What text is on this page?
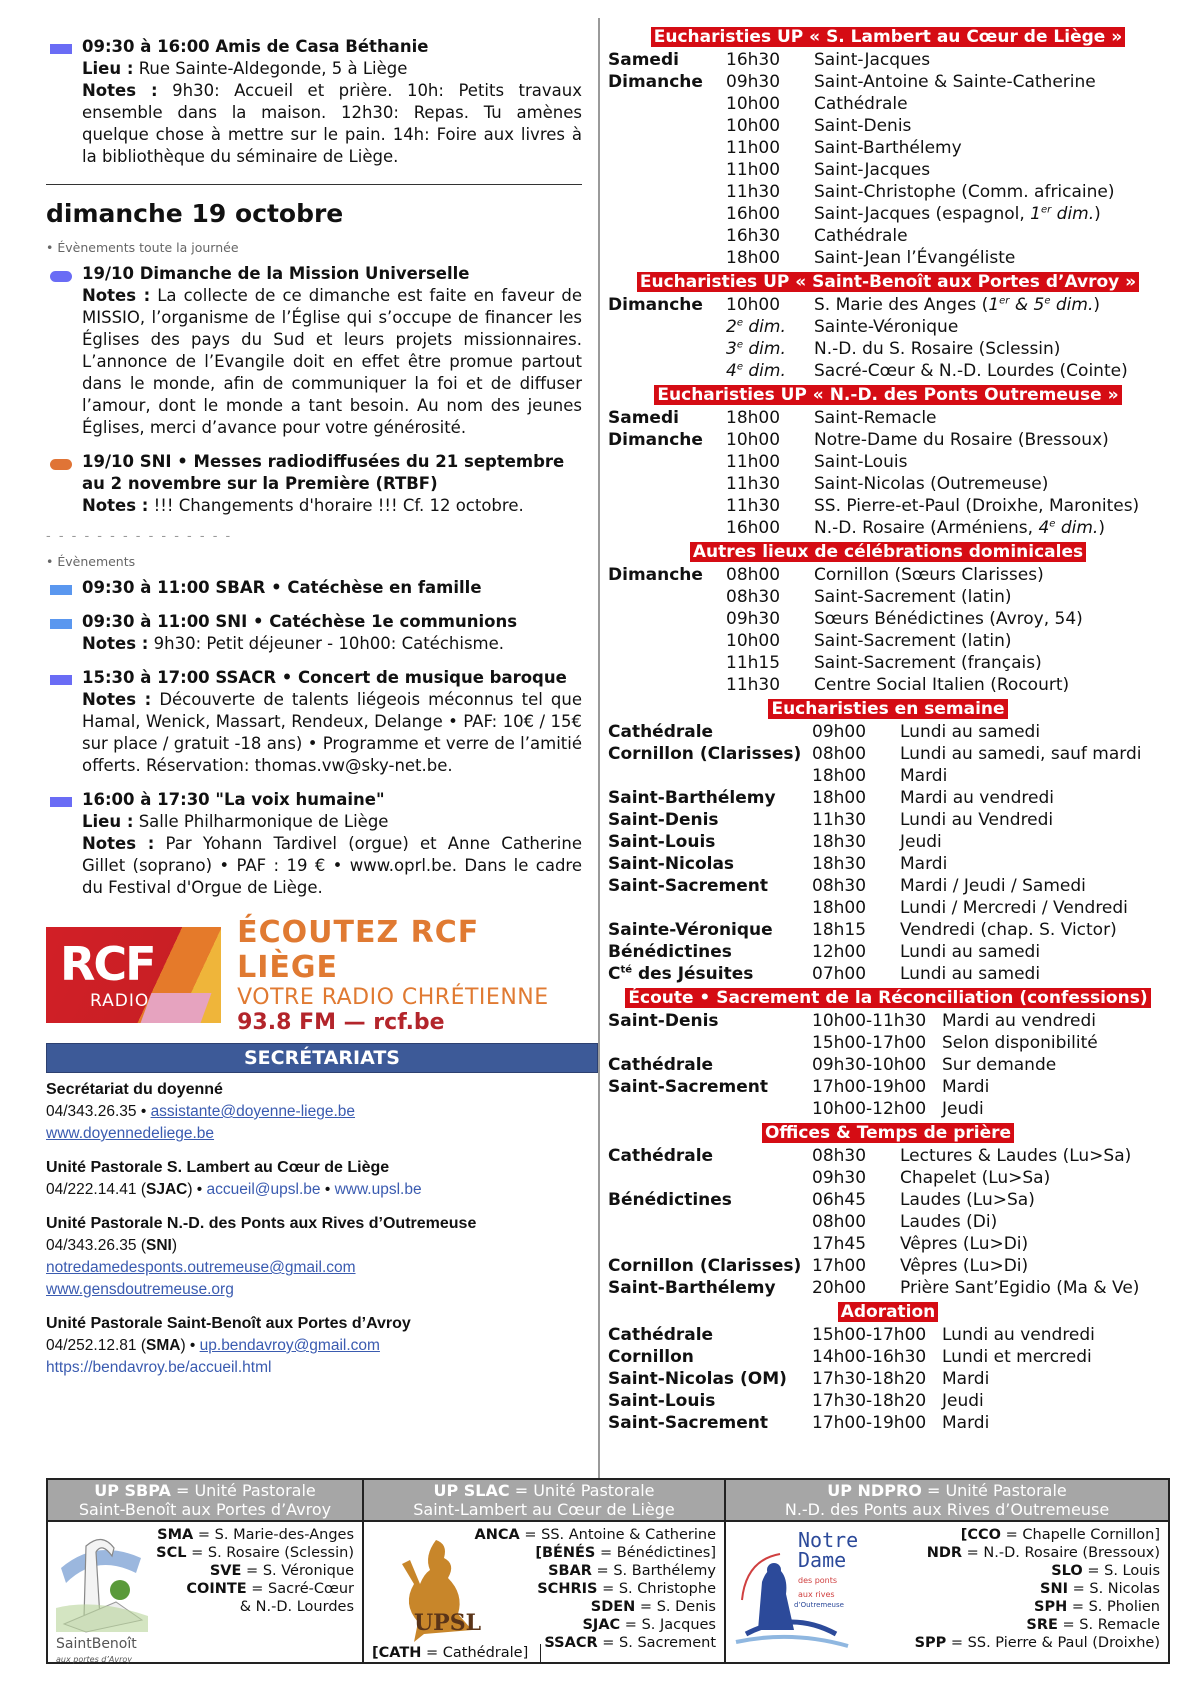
09:30 à 16:00 Amis de Casa Béthanie
Lieu : Rue Sainte-Aldegonde, 5 à Liège
Notes : 9h30: Accueil et prière. 10h: Petits travaux ensemble dans la maison. 12h30: Repas. Tu amènes quelque chose à mettre sur le pain. 14h: Foire aux livres à la bibliothèque du séminaire de Liège.
dimanche 19 octobre
• Évènements toute la journée
19/10 Dimanche de la Mission Universelle
Notes : La collecte de ce dimanche est faite en faveur de MISSIO, l’organisme de l’Église qui s’occupe de financer les Églises des pays du Sud et leurs projets missionnaires. L’annonce de l’Evangile doit en effet être promue partout dans le monde, afin de communiquer la foi et de diffuser l’amour, dont le monde a tant besoin. Au nom des jeunes Églises, merci d’avance pour votre générosité.
19/10 SNI • Messes radiodiffusées du 21 septembre au 2 novembre sur la Première (RTBF)
Notes : !!! Changements d'horaire !!! Cf. 12 octobre.
- - - - - - - - - - - - - - -
• Évènements
09:30 à 11:00 SBAR • Catéchèse en famille
09:30 à 11:00 SNI • Catéchèse 1e communions
Notes : 9h30: Petit déjeuner - 10h00: Catéchisme.
15:30 à 17:00 SSACR • Concert de musique baroque
Notes : Découverte de talents liégeois méconnus tel que Hamal, Wenick, Massart, Rendeux, Delange • PAF: 10€ / 15€ sur place / gratuit -18 ans) • Programme et verre de l’amitié offerts. Réservation: thomas.vw@sky-net.be.
16:00 à 17:30 "La voix humaine"
Lieu : Salle Philharmonique de Liège
Notes : Par Yohann Tardivel (orgue) et Anne Catherine Gillet (soprano) • PAF : 19 € • www.oprl.be. Dans le cadre du Festival d'Orgue de Liège.
RCF
RADIO
ÉCOUTEZ RCF LIÈGE
VOTRE RADIO CHRÉTIENNE
93.8 FM — rcf.be
SECRÉTARIATS
Secrétariat du doyenné
04/343.26.35 • assistante@doyenne-liege.be
www.doyennedeliege.be
Unité Pastorale S. Lambert au Cœur de Liège
04/222.14.41 (SJAC) • accueil@upsl.be • www.upsl.be
Unité Pastorale N.-D. des Ponts aux Rives d’Outremeuse
04/343.26.35 (SNI)
notredamedesponts.outremeuse@gmail.com
www.gensdoutremeuse.org
Unité Pastorale Saint-Benoît aux Portes d’Avroy
04/252.12.81 (SMA) • up.bendavroy@gmail.com
https://bendavroy.be/accueil.html
Eucharisties UP « S. Lambert au Cœur de Liège »
Samedi	16h30	Saint-Jacques
Dimanche	09h30	Saint-Antoine & Sainte-Catherine
10h00	Cathédrale
10h00	Saint-Denis
11h00	Saint-Barthélemy
11h00	Saint-Jacques
11h30	Saint-Christophe (Comm. africaine)
16h00	Saint-Jacques (espagnol, 1er dim.)
16h30	Cathédrale
18h00	Saint-Jean l’Évangéliste
Eucharisties UP « Saint-Benoît aux Portes d’Avroy »
Dimanche	10h00	S. Marie des Anges (1er & 5e dim.)
2e dim.	Sainte-Véronique
3e dim.	N.-D. du S. Rosaire (Sclessin)
4e dim.	Sacré-Cœur & N.-D. Lourdes (Cointe)
Eucharisties UP « N.-D. des Ponts Outremeuse »
Samedi	18h00	Saint-Remacle
Dimanche	10h00	Notre-Dame du Rosaire (Bressoux)
11h00	Saint-Louis
11h30	Saint-Nicolas (Outremeuse)
11h30	SS. Pierre-et-Paul (Droixhe, Maronites)
16h00	N.-D. Rosaire (Arméniens, 4e dim.)
Autres lieux de célébrations dominicales
Dimanche	08h00	Cornillon (Sœurs Clarisses)
08h30	Saint-Sacrement (latin)
09h30	Sœurs Bénédictines (Avroy, 54)
10h00	Saint-Sacrement (latin)
11h15	Saint-Sacrement (français)
11h30	Centre Social Italien (Rocourt)
Eucharisties en semaine
Cathédrale	09h00	Lundi au samedi
Cornillon (Clarisses) 08h00	Lundi au samedi, sauf mardi
18h00	Mardi
Saint-Barthélemy	18h00	Mardi au vendredi
Saint-Denis	11h30	Lundi au Vendredi
Saint-Louis	18h30	Jeudi
Saint-Nicolas	18h30	Mardi
Saint-Sacrement	08h30	Mardi / Jeudi / Samedi
18h00	Lundi / Mercredi / Vendredi
Sainte-Véronique	18h15	Vendredi (chap. S. Victor)
Bénédictines	12h00	Lundi au samedi
$C^{té}$ des Jésuites	07h00	Lundi au samedi
Écoute • Sacrement de la Réconciliation (confessions)
Saint-Denis	10h00-11h30 Mardi au vendredi
15h00-17h00 Selon disponibilité
Cathédrale	09h30-10h00 Sur demande
Saint-Sacrement	17h00-19h00 Mardi
10h00-12h00 Jeudi
Offices & Temps de prière
Cathédrale	08h30	Lectures & Laudes (Lu>Sa)
09h30	Chapelet (Lu>Sa)
Bénédictines	06h45	Laudes (Lu>Sa)
08h00	Laudes (Di)
17h45	Vêpres (Lu>Di)
Cornillon (Clarisses) 17h00	Vêpres (Lu>Di)
Saint-Barthélemy	20h00	Prière Sant’Egidio (Ma & Ve)
Adoration
Cathédrale	15h00-17h00 Lundi au vendredi
Cornillon	14h00-16h30 Lundi et mercredi
Saint-Nicolas (OM)	17h30-18h20 Mardi
Saint-Louis	17h30-18h20 Jeudi
Saint-Sacrement	17h00-19h00 Mardi
UP SBPA = Unité Pastorale
Saint-Benoît aux Portes d’Avroy
SaintBenoît
aux portes d’Avroy
SMA = S. Marie-des-Anges
SCL = S. Rosaire (Sclessin)
SVE = S. Véronique
COINTE = Sacré-Cœur
& N.-D. Lourdes
UP SLAC = Unité Pastorale
Saint-Lambert au Cœur de Liège
UPSL
ANCA = SS. Antoine & Catherine
[BÉNÉS = Bénédictines]
SBAR = S. Barthélemy
SCHRIS = S. Christophe
SDEN = S. Denis
SJAC = S. Jacques
SSACR = S. Sacrement
[CATH = Cathédrale]
UP NDPRO = Unité Pastorale
N.-D. des Ponts aux Rives d’Outremeuse
Notre
Dame
des ponts
aux rives
d’Outremeuse
[CCO = Chapelle Cornillon]
NDR = N.-D. Rosaire (Bressoux)
SLO = S. Louis
SNI = S. Nicolas
SPH = S. Pholien
SRE = S. Remacle
SPP = SS. Pierre & Paul (Droixhe)
